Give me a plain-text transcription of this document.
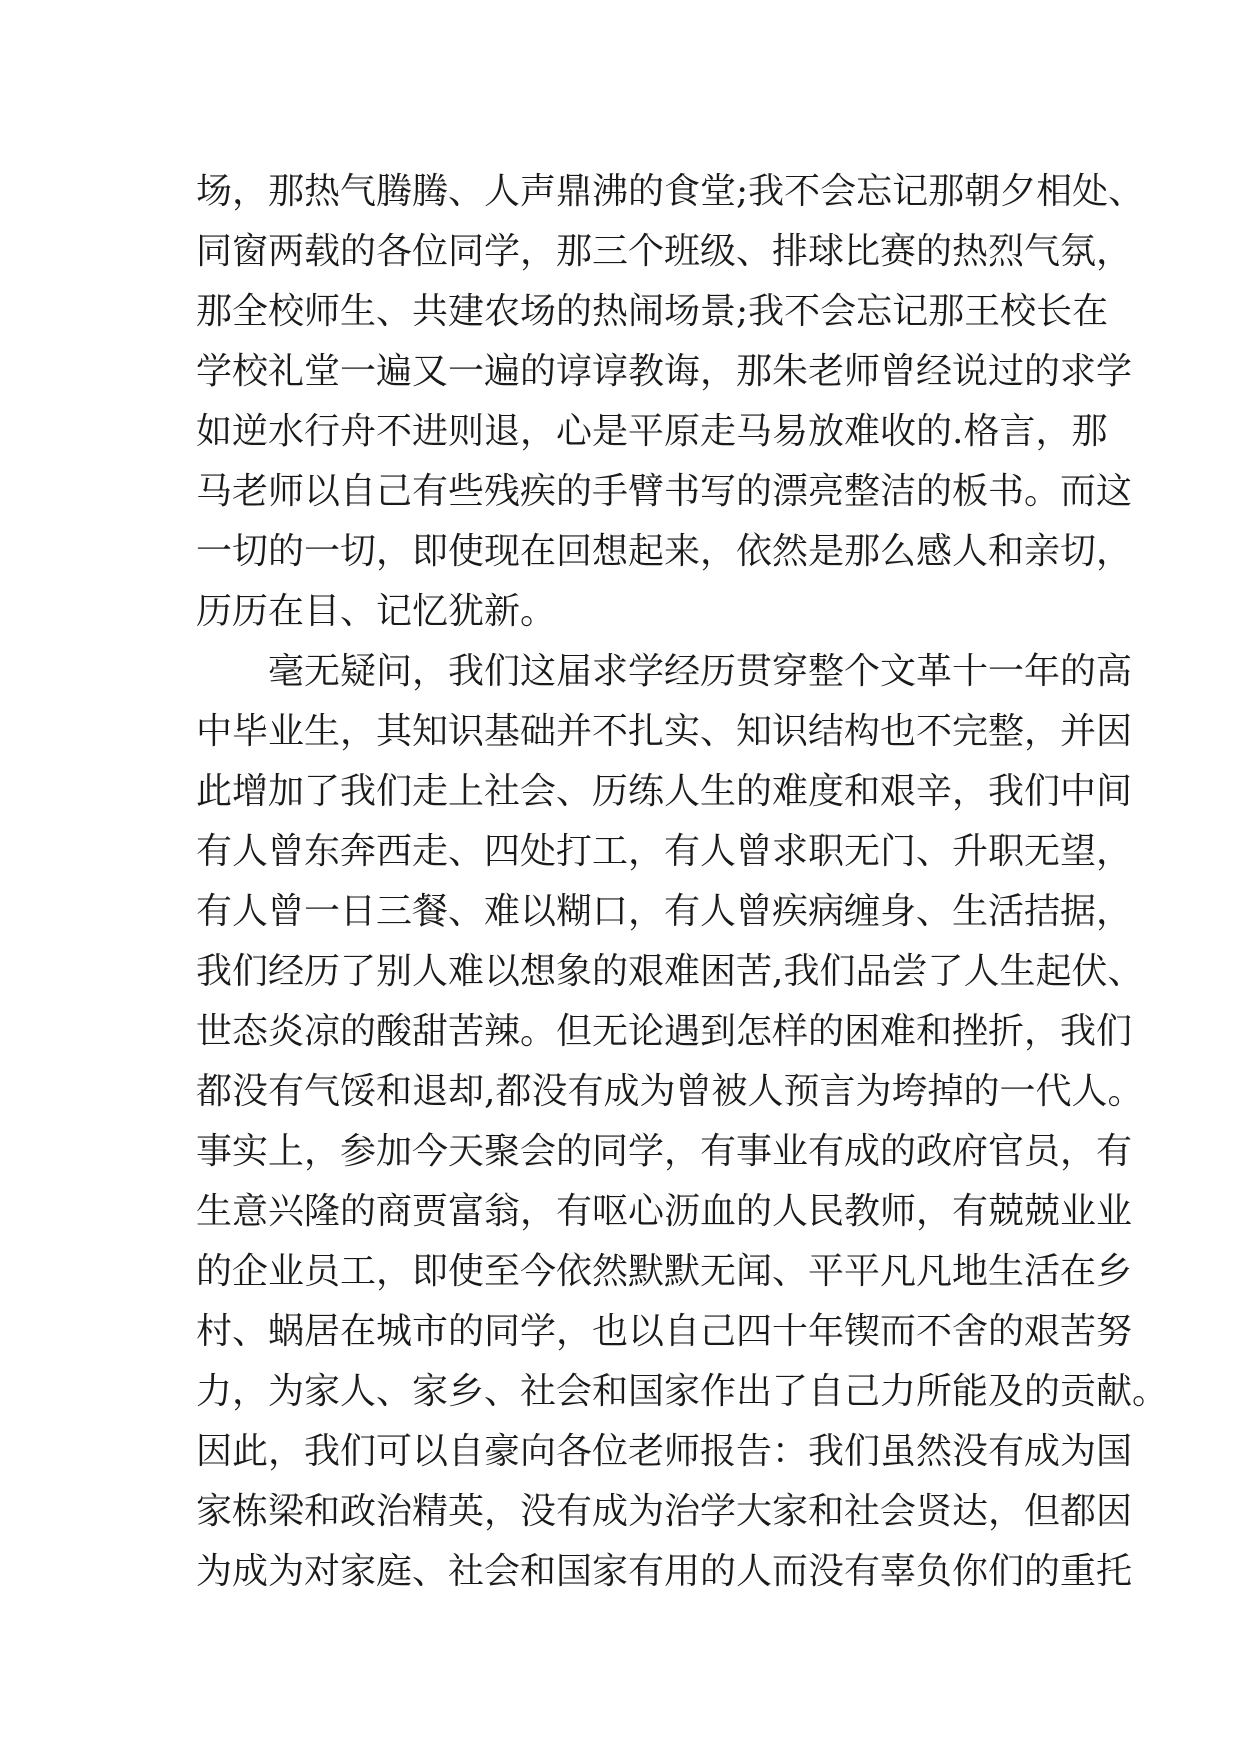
场，那热气腾腾、人声鼎沸的食堂;我不会忘记那朝夕相处、
同窗两载的各位同学，那三个班级、排球比赛的热烈气氛，
那全校师生、共建农场的热闹场景;我不会忘记那王校长在
学校礼堂一遍又一遍的谆谆教诲，那朱老师曾经说过的求学
如逆水行舟不进则退，心是平原走马易放难收的.格言，那
马老师以自己有些残疾的手臂书写的漂亮整洁的板书。而这
一切的一切，即使现在回想起来，依然是那么感人和亲切，
历历在目、记忆犹新。
毫无疑问，我们这届求学经历贯穿整个文革十一年的高
中毕业生，其知识基础并不扎实、知识结构也不完整，并因
此增加了我们走上社会、历练人生的难度和艰辛，我们中间
有人曾东奔西走、四处打工，有人曾求职无门、升职无望，
有人曾一日三餐、难以糊口，有人曾疾病缠身、生活拮据，
我们经历了别人难以想象的艰难困苦,我们品尝了人生起伏、
世态炎凉的酸甜苦辣。但无论遇到怎样的困难和挫折，我们
都没有气馁和退却,都没有成为曾被人预言为垮掉的一代人。
事实上，参加今天聚会的同学，有事业有成的政府官员，有
生意兴隆的商贾富翁，有呕心沥血的人民教师，有兢兢业业
的企业员工，即使至今依然默默无闻、平平凡凡地生活在乡
村、蜗居在城市的同学，也以自己四十年锲而不舍的艰苦努
力，为家人、家乡、社会和国家作出了自己力所能及的贡献。
因此，我们可以自豪向各位老师报告：我们虽然没有成为国
家栋梁和政治精英，没有成为治学大家和社会贤达，但都因
为成为对家庭、社会和国家有用的人而没有辜负你们的重托
